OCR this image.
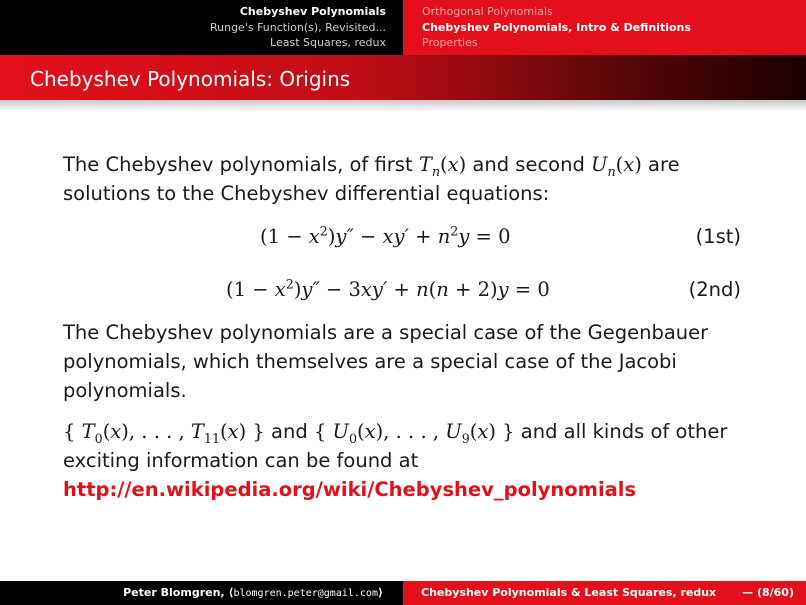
Chebyshev Polynomials
Runge's Function(s), Revisited...
Least Squares, redux
Orthogonal Polynomials
Chebyshev Polynomials, Intro & Definitions
Properties
Chebyshev Polynomials: Origins

The Chebyshev polynomials, of first $T_n(x)$ and second $U_n(x)$ are solutions to the Chebyshev differential equations:

$(1 - x^2)y'' - xy' + n^2y = 0$	(1st)
$(1 - x^2)y'' - 3xy' + n(n + 2)y = 0$	(2nd)

The Chebyshev polynomials are a special case of the Gegenbauer polynomials, which themselves are a special case of the Jacobi polynomials.

{ $T_0(x)$, . . . , $T_{11}(x)$ } and { $U_0(x)$, . . . , $U_9(x)$ } and all kinds of other exciting information can be found at
http://en.wikipedia.org/wiki/Chebyshev_polynomials

Peter Blomgren, ⟨blomgren.peter@gmail.com⟩	Chebyshev Polynomials & Least Squares, redux — (8/60)
